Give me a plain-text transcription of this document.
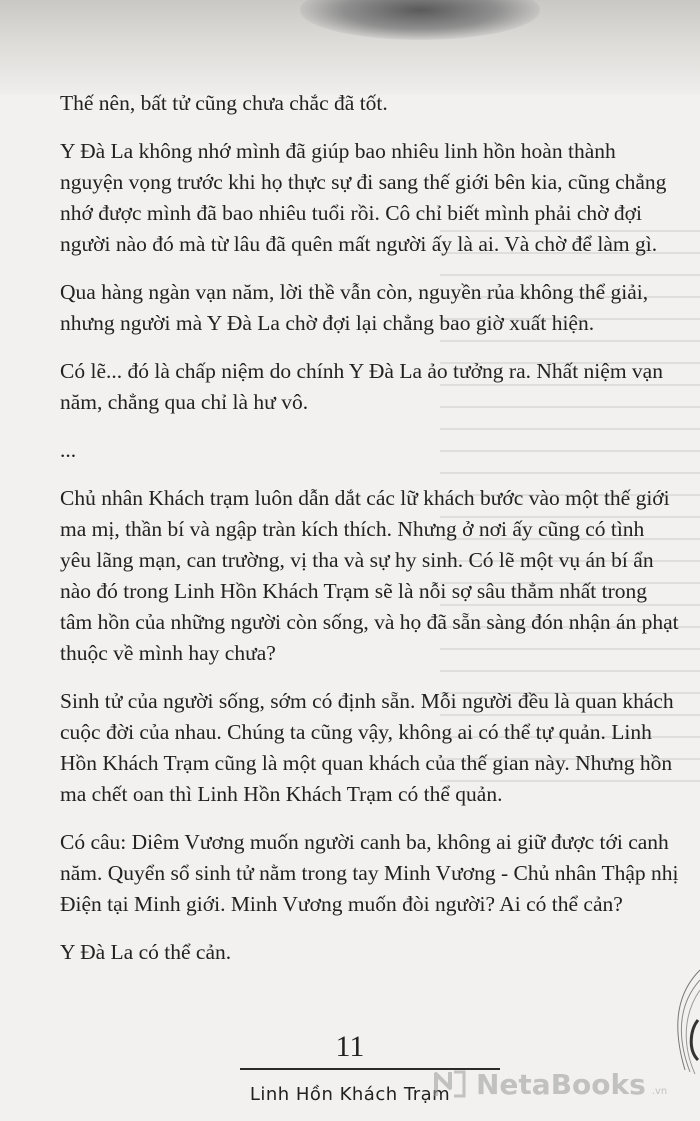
Thế nên, bất tử cũng chưa chắc đã tốt.

Y Đà La không nhớ mình đã giúp bao nhiêu linh hồn hoàn thành nguyện vọng trước khi họ thực sự đi sang thế giới bên kia, cũng chẳng nhớ được mình đã bao nhiêu tuổi rồi. Cô chỉ biết mình phải chờ đợi người nào đó mà từ lâu đã quên mất người ấy là ai. Và chờ để làm gì.

Qua hàng ngàn vạn năm, lời thề vẫn còn, nguyền rủa không thể giải, nhưng người mà Y Đà La chờ đợi lại chẳng bao giờ xuất hiện.

Có lẽ... đó là chấp niệm do chính Y Đà La ảo tưởng ra. Nhất niệm vạn năm, chẳng qua chỉ là hư vô.

...

Chủ nhân Khách trạm luôn dẫn dắt các lữ khách bước vào một thế giới ma mị, thần bí và ngập tràn kích thích. Nhưng ở nơi ấy cũng có tình yêu lãng mạn, can trường, vị tha và sự hy sinh. Có lẽ một vụ án bí ẩn nào đó trong Linh Hồn Khách Trạm sẽ là nỗi sợ sâu thẳm nhất trong tâm hồn của những người còn sống, và họ đã sẵn sàng đón nhận án phạt thuộc về mình hay chưa?

Sinh tử của người sống, sớm có định sẵn. Mỗi người đều là quan khách cuộc đời của nhau. Chúng ta cũng vậy, không ai có thể tự quản. Linh Hồn Khách Trạm cũng là một quan khách của thế gian này. Nhưng hồn ma chết oan thì Linh Hồn Khách Trạm có thể quản.

Có câu: Diêm Vương muốn người canh ba, không ai giữ được tới canh năm. Quyển sổ sinh tử nằm trong tay Minh Vương - Chủ nhân Thập nhị Điện tại Minh giới. Minh Vương muốn đòi người? Ai có thể cản?

Y Đà La có thể cản.

11
Linh Hồn Khách Trạm NetaBooks .vn
